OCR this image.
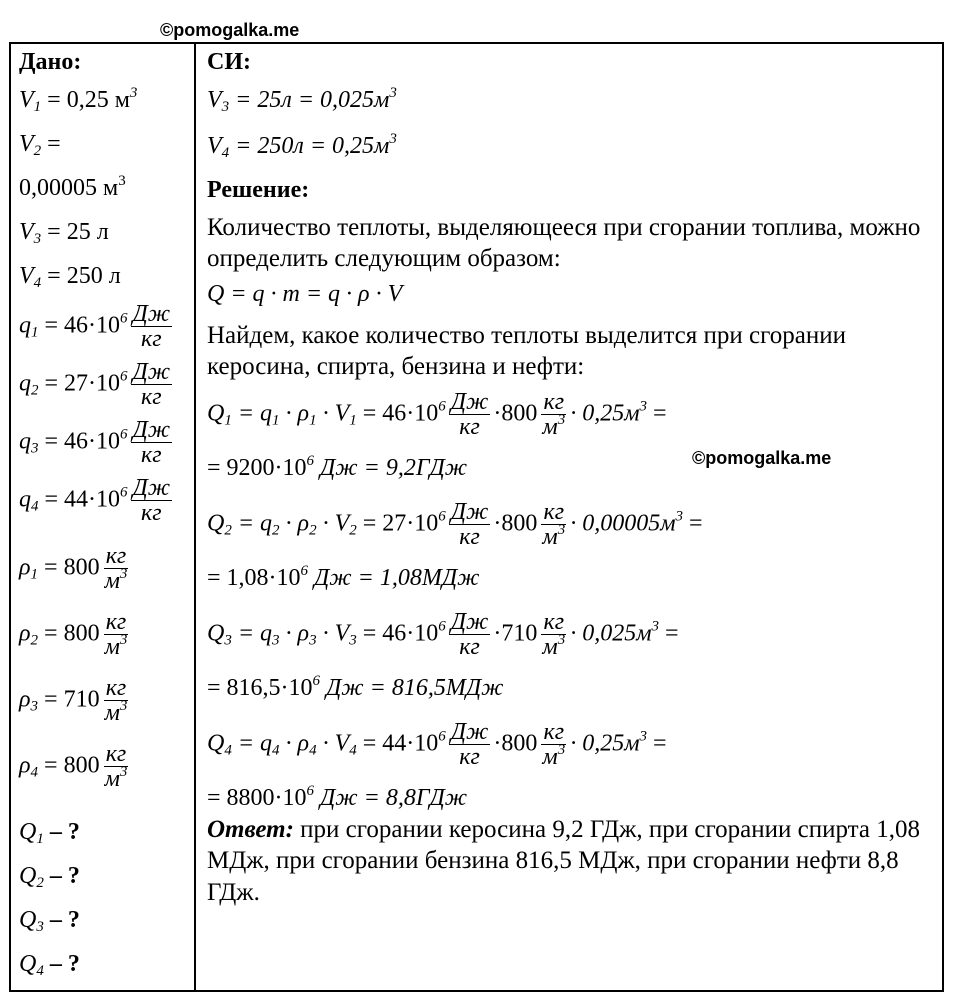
©pomogalka.me
Дано:
$V_1 = 0,25$ $м^3$
$V_2$ =
0,00005 $м^3$
$V_3 = 25$ л
$V_4 = 250$ л
$q_1 = 46\cdot 10^6 \frac{Дж}{кг}$
$q_2 = 27\cdot 10^6 \frac{Дж}{кг}$
$q_3 = 46\cdot 10^6 \frac{Дж}{кг}$
$q_4 = 44\cdot 10^6 \frac{Дж}{кг}$
$\rho_1 = 800 \frac{кг}{м^3}$
$\rho_2 = 800 \frac{кг}{м^3}$
$\rho_3 = 710 \frac{кг}{м^3}$
$\rho_4 = 800 \frac{кг}{м^3}$
$Q_1$ – ?
$Q_2$ – ?
$Q_3$ – ?
$Q_4$ – ?
СИ:
$V_3 = 25л = 0,025м^3$
$V_4 = 250л = 0,25м^3$
Решение:
Количество теплоты, выделяющееся при сгорании топлива, можно определить следующим образом:
Q = q · m = q · ρ · V
Найдем, какое количество теплоты выделится при сгорании керосина, спирта, бензина и нефти:
$Q_1 = q_1 \cdot \rho_1 \cdot V_1 = 46\cdot 10^6 \frac{Дж}{кг} \cdot 800 \frac{кг}{м^3} \cdot 0,25м^3$ =
= $9200\cdot 10^6$ Дж = 9,2ГДж
$Q_2 = q_2 \cdot \rho_2 \cdot V_2 = 27\cdot 10^6 \frac{Дж}{кг} \cdot 800 \frac{кг}{м^3} \cdot 0,00005м^3$ =
= $1,08\cdot 10^6$ Дж = 1,08МДж
$Q_3 = q_3 \cdot \rho_3 \cdot V_3 = 46\cdot 10^6 \frac{Дж}{кг} \cdot 710 \frac{кг}{м^3} \cdot 0,025м^3$ =
= $816,5\cdot 10^6$ Дж = 816,5МДж
$Q_4 = q_4 \cdot \rho_4 \cdot V_4 = 44\cdot 10^6 \frac{Дж}{кг} \cdot 800 \frac{кг}{м^3} \cdot 0,25м^3$ =
= $8800\cdot 10^6$ Дж = 8,8ГДж
Ответ: при сгорании керосина 9,2 ГДж, при сгорании спирта 1,08 МДж, при сгорании бензина 816,5 МДж, при сгорании нефти 8,8 ГДж.
©pomogalka.me
